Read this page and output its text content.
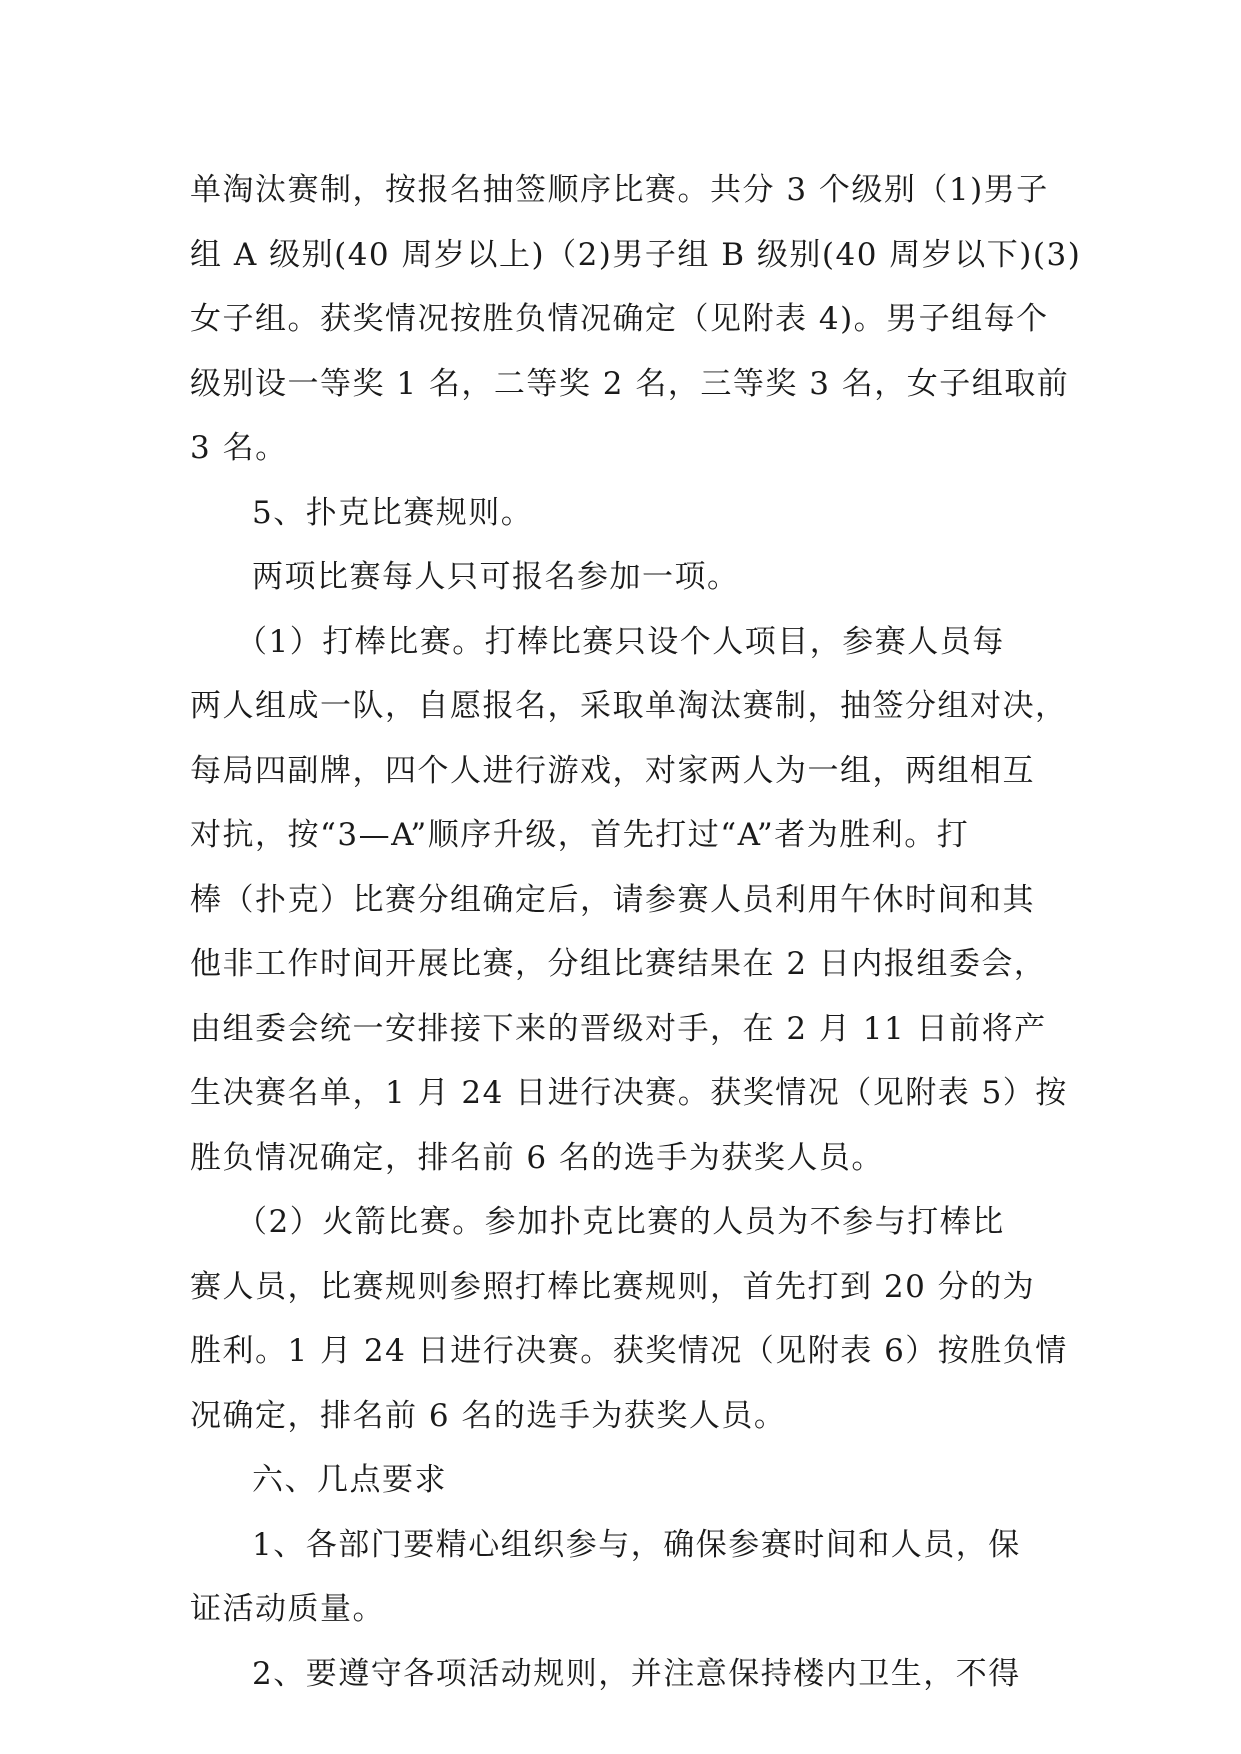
单淘汰赛制，按报名抽签顺序比赛。共分 3 个级别（1)男子
组 A 级别(40 周岁以上)（2)男子组 B 级别(40 周岁以下)(3)
女子组。获奖情况按胜负情况确定（见附表 4)。男子组每个
级别设一等奖 1 名，二等奖 2 名，三等奖 3 名，女子组取前
3 名。
5、扑克比赛规则。
两项比赛每人只可报名参加一项。
（1）打棒比赛。打棒比赛只设个人项目，参赛人员每
两人组成一队，自愿报名，采取单淘汰赛制，抽签分组对决，
每局四副牌，四个人进行游戏，对家两人为一组，两组相互
对抗，按“3—A”顺序升级，首先打过“A”者为胜利。打
棒（扑克）比赛分组确定后，请参赛人员利用午休时间和其
他非工作时间开展比赛，分组比赛结果在 2 日内报组委会，
由组委会统一安排接下来的晋级对手，在 2 月 11 日前将产
生决赛名单，1 月 24 日进行决赛。获奖情况（见附表 5）按
胜负情况确定，排名前 6 名的选手为获奖人员。
（2）火箭比赛。参加扑克比赛的人员为不参与打棒比
赛人员，比赛规则参照打棒比赛规则，首先打到 20 分的为
胜利。1 月 24 日进行决赛。获奖情况（见附表 6）按胜负情
况确定，排名前 6 名的选手为获奖人员。
六、几点要求
1、各部门要精心组织参与，确保参赛时间和人员，保
证活动质量。
2、要遵守各项活动规则，并注意保持楼内卫生，不得
